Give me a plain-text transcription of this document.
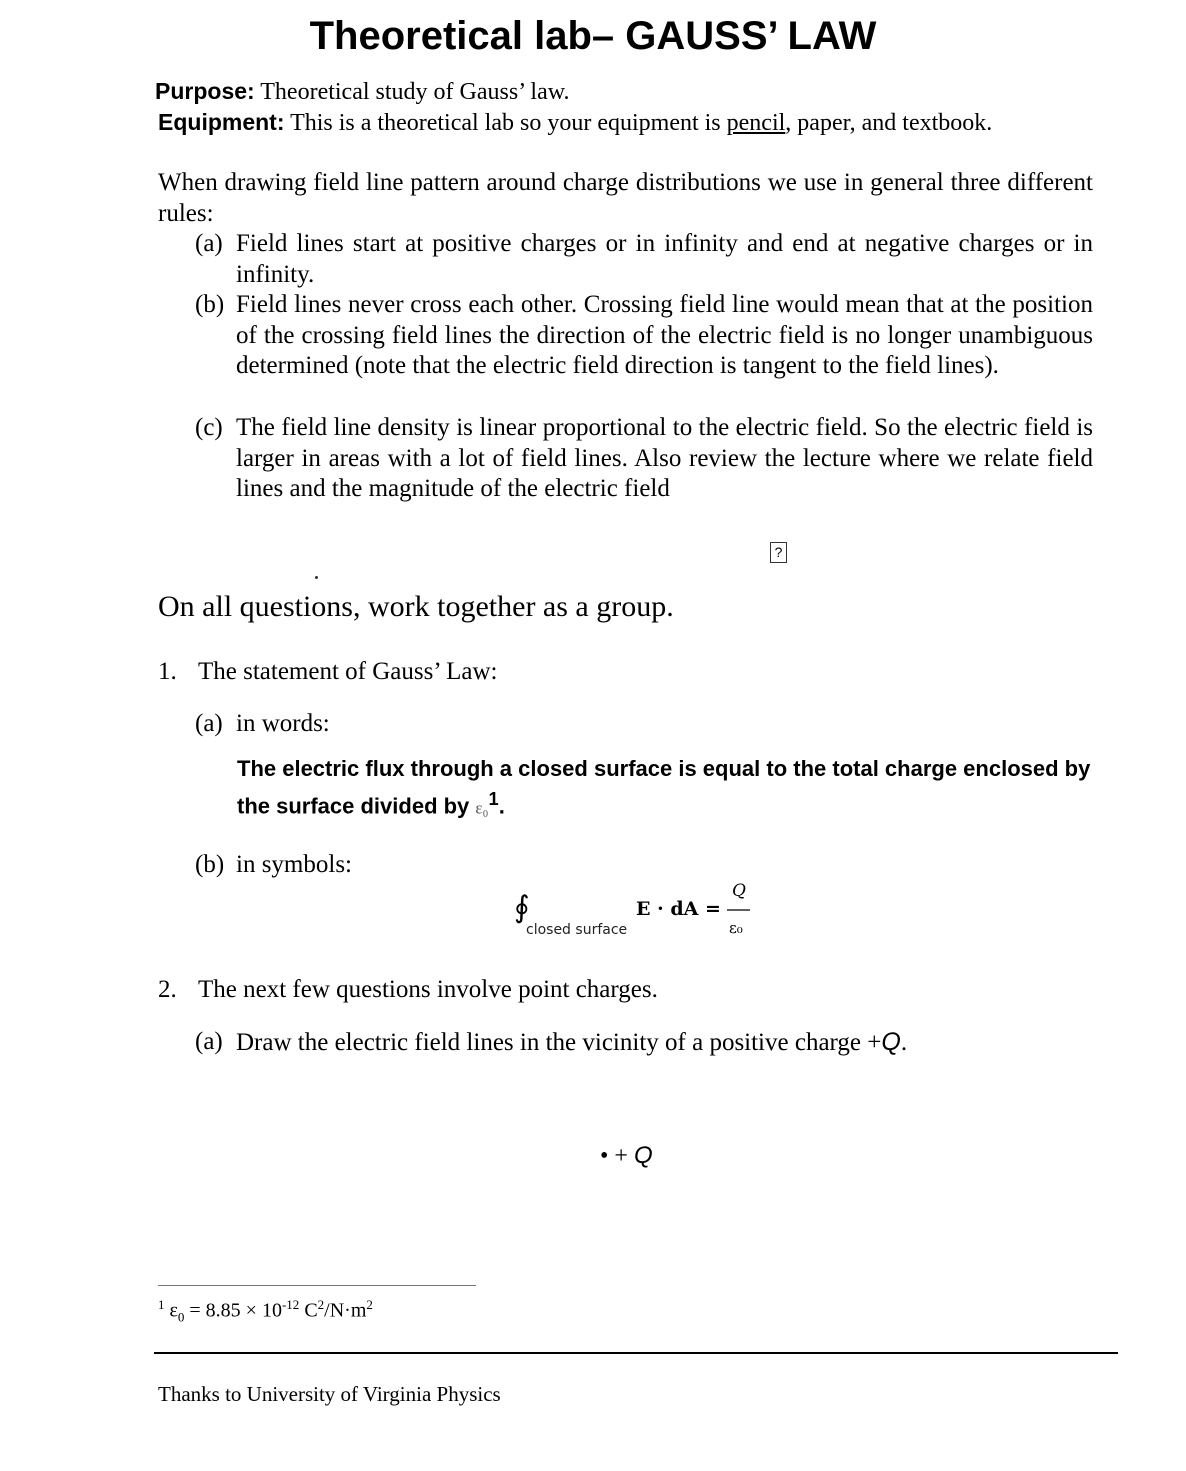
Theoretical lab– GAUSS’ LAW
Purpose: Theoretical study of Gauss’ law.
Equipment: This is a theoretical lab so your equipment is pencil, paper, and textbook.
When drawing field line pattern around charge distributions we use in general three different rules:
(a) Field lines start at positive charges or in infinity and end at negative charges or in infinity.
(b) Field lines never cross each other. Crossing field line would mean that at the position of the crossing field lines the direction of the electric field is no longer unambiguous determined (note that the electric field direction is tangent to the field lines).
(c) The field line density is linear proportional to the electric field. So the electric field is larger in areas with a lot of field lines. Also review the lecture where we relate field lines and the magnitude of the electric field
?
On all questions, work together as a group.
1. The statement of Gauss’ Law:
(a) in words:
The electric flux through a closed surface is equal to the total charge enclosed by the surface divided by ε₀$^1$.
(b) in symbols:
∮
closed surface
E · dA =
Q
ε₀
2. The next few questions involve point charges.
(a) Draw the electric field lines in the vicinity of a positive charge +Q.
• + Q
$^1$ $\varepsilon_0 = 8.85 \times 10^{-12}$ $C^2/N\cdot m^2$
Thanks to University of Virginia Physics
